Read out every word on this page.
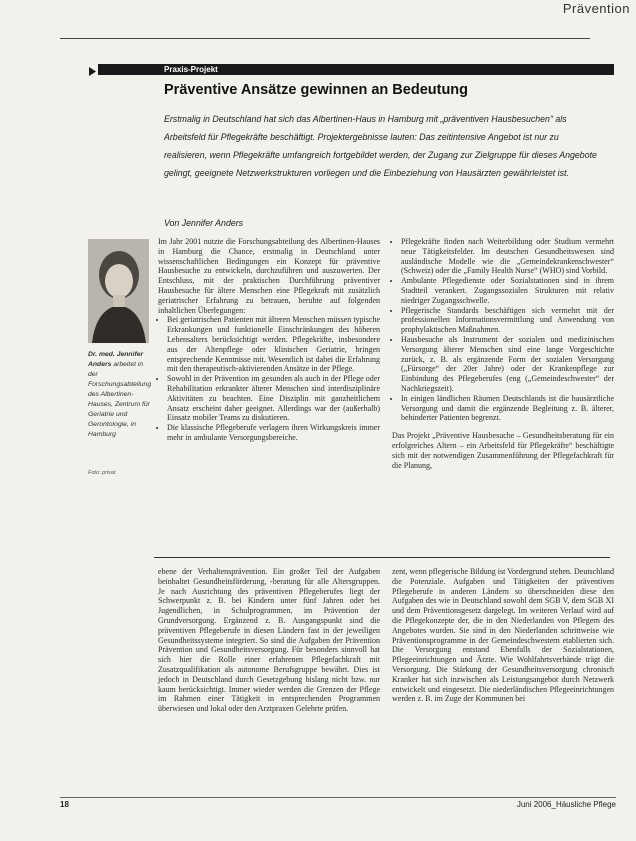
Prävention
Praxis-Projekt
Präventive Ansätze gewinnen an Bedeutung
Erstmalig in Deutschland hat sich das Albertinen-Haus in Hamburg mit „präventiven Hausbesuchen“ als Arbeitsfeld für Pflegekräfte beschäftigt. Projektergebnisse lauten: Das zeitintensive Angebot ist nur zu realisieren, wenn Pflegekräfte umfangreich fortgebildet werden, der Zugang zur Zielgruppe für dieses Angebote gelingt, geeignete Netzwerkstrukturen vorliegen und die Einbeziehung von Hausärzten gewährleistet ist.
Von Jennifer Anders
Dr. med. Jennifer Anders arbeitet in der Forschungsabteilung des Albertinen-Hauses, Zentrum für Geriatrie und Gerontologie, in Hamburg
Foto: privat

Im Jahr 2001 nutzte die Forschungsabteilung des Albertinen-Hauses in Hamburg die Chance, erstmalig in Deutschland unter wissenschaftlichen Bedingungen ein Konzept für präventive Hausbesuche zu entwickeln, durchzuführen und auszuwerten. Der Entschluss, mit der praktischen Durchführung präventiver Hausbesuche für ältere Menschen eine Pflegekraft mit zusätzlich geriatrischer Erfahrung zu betrauen, beruhte auf folgenden inhaltlichen Überlegungen:

• Bei geriatrischen Patienten mit älteren Menschen müssen typische Erkrankungen und funktionelle Einschränkungen des höheren Lebensalters berücksichtigt werden. Pflegekräfte, insbesondere aus der Altenpflege oder klinischen Geriatrie, bringen entsprechende Kenntnisse mit. Wesentlich ist dabei die Erfahrung mit den therapeutisch-aktivierenden Ansätze in der Pflege.
• Sowohl in der Prävention im gesunden als auch in der Pflege oder Rehabilitation erkrankter älterer Menschen sind interdisziplinäre Aktivitäten zu beachten. Eine Disziplin mit ganzheitlichem Ansatz erscheint daher geeignet. Allerdings war der (außerhalb) Einsatz mobiler Teams zu diskutieren.
• Die klassische Pflegeberufe verlagern ihren Wirkungskreis immer mehr in ambulante Versorgungsbereiche.
• Pflegekräfte finden nach Weiterbildung oder Studium vermehrt neue Tätigkeitsfelder. Im deutschen Gesundheitswesen sind ausländische Modelle wie die „Gemeindekrankenschwester“ (Schweiz) oder die „Family Health Nurse“ (WHO) sind Vorbild.
• Ambulante Pflegedienste oder Sozialstationen sind in ihrem Stadtteil verankert. Zugangssozialen Strukturen mit relativ niedriger Zugangsschwelle.
• Pflegerische Standards beschäftigen sich vermehrt mit der professionellen Informationsvermittlung und Anwendung von prophylaktischen Maßnahmen.
• Hausbesuche als Instrument der sozialen und medizinischen Versorgung älterer Menschen sind eine lange Vorgeschichte zurück, z. B. als ergänzende Form der sozialen Versorgung („Fürsorge“ der 20er Jahre) oder der Krankenpflege zur Einbindung des Pflegeberufes (eng („Gemeindeschwester“ der Nachkriegszeit).
• In einigen ländlichen Räumen Deutschlands ist die hausärztliche Versorgung und damit die ergänzende Begleitung z. B. älterer, behinderter Patienten begrenzt.

Das Projekt „Präventive Hausbesuche – Gesundheitsberatung für ein erfolgreiches Altern – ein Arbeitsfeld für Pflegekräfte“ beschäftigte sich mit der notwendigen Zusammenführung der Pflegefachkraft für die Planung,

ebene der Verhaltensprävention. Ein großer Teil der Aufgaben beinhaltet Gesundheitsförderung, -beratung für alle Altersgruppen. Je nach Ausrichtung des präventiven Pflegeberufes liegt der Schwerpunkt z. B. bei Kindern unter fünf Jahren oder bei Jugendlichen, in Schulprogrammen, im Prävention der Grundversorgung. Ergänzend z. B. Ausgangspunkt sind die präventiven Pflegeberufe in diesen Ländern fast in der jeweiligen Gesundheitssysteme integriert. So sind die Aufgaben der Prävention Prävention und Gesundheitsversorgung. Für besonders sinnvoll hat sich hier die Rolle einer erfahrenen Pflegefachkraft mit Zusatzqualifikation als autonome Berufsgruppe bewährt. Dies ist jedoch in Deutschland durch Gesetzgebung bislang nicht bzw. nur kaum berücksichtigt. Immer wieder werden die Grenzen der Pflege im Rahmen einer Tätigkeit in entsprechenden Programmen überwiesen und lokal oder den Arztpraxen Gelehrte prüfen.

zent, wenn pflegerische Bildung ist Vordergrund stehen. Deutschland die Potenziale. Aufgaben und Tätigkeiten der präventiven Pflegeberufe in anderen Ländern so überschneiden diese den Aufgaben des wie in Deutschland sowohl dem SGB V, dem SGB XI und dem Präventionsgesetz dargelegt. Im weiteren Verlauf wird auf die Pflegekonzepte der, die in den Niederlanden von Pflegern des Angebotes wurden. Sie sind in den Niederlanden schrittweise wie Präventionsprogramme in der Gemeindeschwestern etablierten sich. Die Versorgung entstand Ebenfalls der Sozialstationen, Pflegeeinrichtungen und Ärzte. Wie Wohlfahrtsverbände trägt die Versorgung. Die Stärkung der Gesundheitsversorgung chronisch Kranker hat sich inzwischen als Leistungsangebot durch Netzwerk entwickelt und eingesetzt. Die niederländischen Pflegeeinrichtungen werden z. B. im Zuge der Kommunen bei

18	Juni 2006_Häusliche Pflege
